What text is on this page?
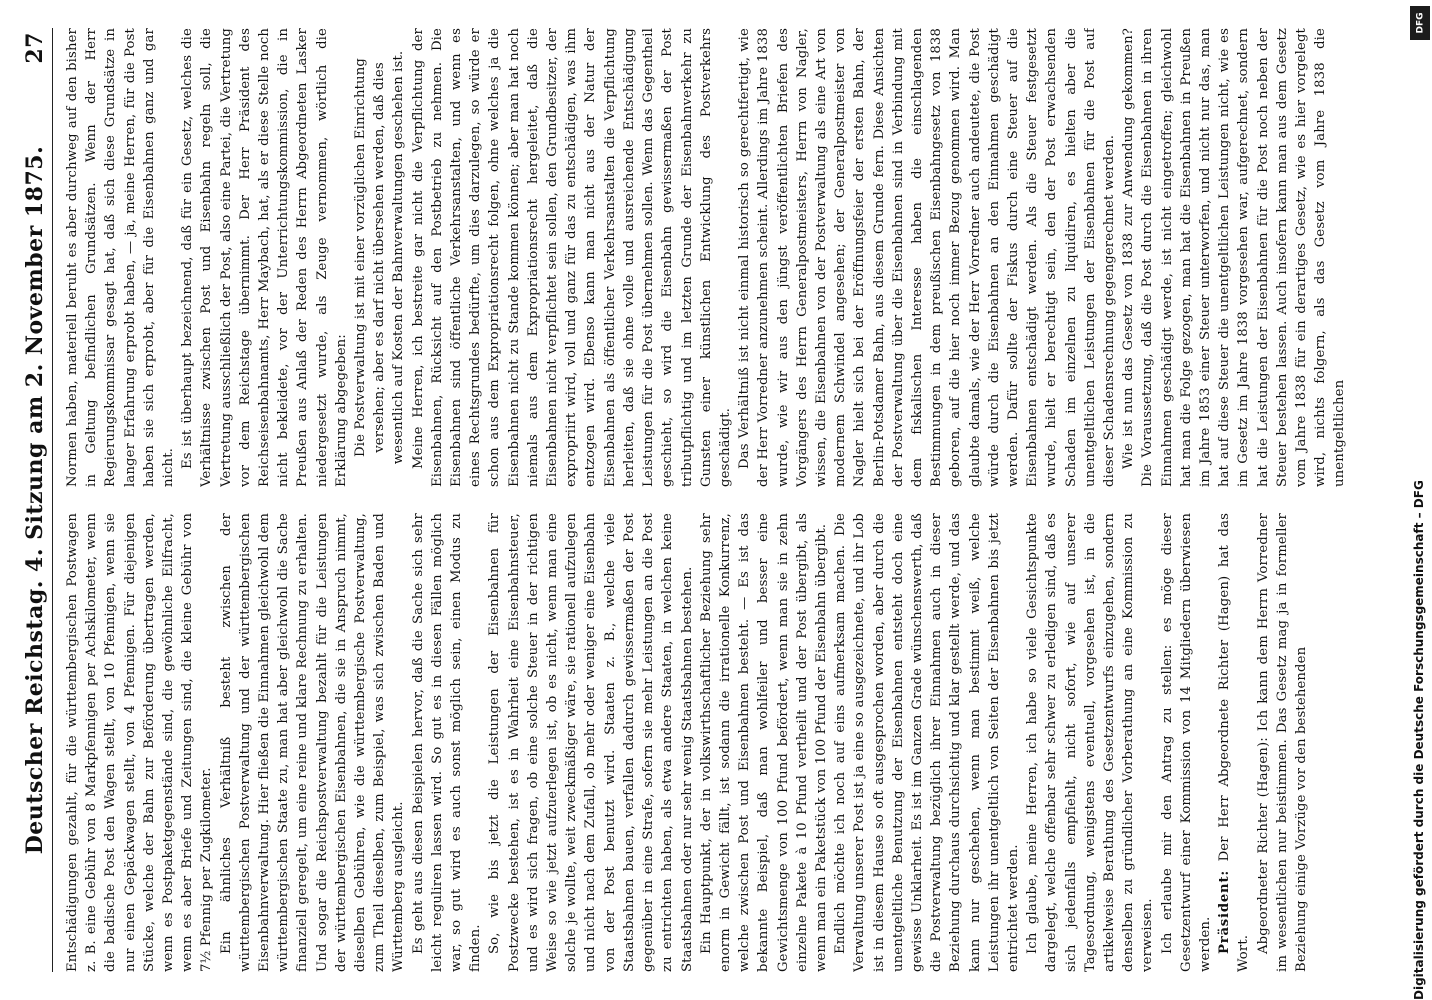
Deutscher Reichstag. 4. Sitzung am 2. November 1875.
27

Entschädigungen gezahlt, für die württembergischen Postwagen z. B. eine Gebühr von 8 Markpfennigen per Achskilometer, wenn die badische Post den Wagen stellt, von 10 Pfennigen, wenn sie nur einen Gepäckwagen stellt, von 4 Pfennigen. Für diejenigen Stücke, welche der Bahn zur Beförderung übertragen werden, wenn es Postpaketgegenstände sind, die gewöhnliche Eilfracht, wenn es aber Briefe und Zeitungen sind, die kleine Gebühr von 7½ Pfennig per Zugkilometer. Ein ähnliches Verhältniß besteht zwischen der württembergischen Postverwaltung und der württembergischen Eisenbahnverwaltung. Hier fließen die Einnahmen gleichwohl dem württembergischen Staate zu, man hat aber gleichwohl die Sache finanziell geregelt, um eine reine und klare Rechnung zu erhalten. Und sogar die Reichspostverwaltung bezahlt für die Leistungen der württembergischen Eisenbahnen, die sie in Anspruch nimmt, dieselben Gebühren, wie die württembergische Postverwaltung, zum Theil dieselben, zum Beispiel, was sich zwischen Baden und Württemberg ausgleicht. Es geht aus diesen Beispielen hervor, daß die Sache sich sehr leicht reguliren lassen wird. So gut es in diesen Fällen möglich war, so gut wird es auch sonst möglich sein, einen Modus zu finden. So, wie bis jetzt die Leistungen der Eisenbahnen für Postzwecke bestehen, ist es in Wahrheit eine Eisenbahnsteuer, und es wird sich fragen, ob eine solche Steuer in der richtigen Weise so wie jetzt aufzuerlegen ist, ob es nicht, wenn man eine solche je wollte, weit zweckmäßiger wäre, sie rationell aufzulegen und nicht nach dem Zufall, ob mehr oder weniger eine Eisenbahn von der Post benutzt wird. Staaten z. B., welche viele Staatsbahnen bauen, verfallen dadurch gewissermaßen der Post gegenüber in eine Strafe, sofern sie mehr Leistungen an die Post zu entrichten haben, als etwa andere Staaten, in welchen keine Staatsbahnen oder nur sehr wenig Staatsbahnen bestehen. Ein Hauptpunkt, der in volkswirthschaftlicher Beziehung sehr enorm in Gewicht fällt, ist sodann die irrationelle Konkurrenz, welche zwischen Post und Eisenbahnen besteht. — Es ist das bekannte Beispiel, daß man wohlfeiler und besser eine Gewichtsmenge von 100 Pfund befördert, wenn man sie in zehn einzelne Pakete à 10 Pfund vertheilt und der Post übergibt, als wenn man ein Paketstück von 100 Pfund der Eisenbahn übergibt. Endlich möchte ich noch auf eins aufmerksam machen. Die Verwaltung unserer Post ist ja eine so ausgezeichnete, und ihr Lob ist in diesem Hause so oft ausgesprochen worden, aber durch die unentgeltliche Benutzung der Eisenbahnen entsteht doch eine gewisse Unklarheit. Es ist im Ganzen Grade wünschenswerth, daß die Postverwaltung bezüglich ihrer Einnahmen auch in dieser Beziehung durchaus durchsichtig und klar gestellt werde, und das kann nur geschehen, wenn man bestimmt weiß, welche Leistungen ihr unentgeltlich von Seiten der Eisenbahnen bis jetzt entrichtet werden. Ich glaube, meine Herren, ich habe so viele Gesichtspunkte dargelegt, welche offenbar sehr schwer zu erledigen sind, daß es sich jedenfalls empfiehlt, nicht sofort, wie auf unserer Tagesordnung, wenigstens eventuell, vorgesehen ist, in die artikelweise Berathung des Gesetzentwurfs einzugehen, sondern denselben zu gründlicher Vorberathung an eine Kommission zu verweisen. Ich erlaube mir den Antrag zu stellen: es möge dieser Gesetzentwurf einer Kommission von 14 Mitgliedern überwiesen werden. Präsident: Der Herr Abgeordnete Richter (Hagen) hat das Wort. Abgeordneter Richter (Hagen): Ich kann dem Herrn Vorredner im wesentlichen nur beistimmen. Das Gesetz mag ja in formeller Beziehung einige Vorzüge vor den bestehenden

Normen haben, materiell beruht es aber durchweg auf den bisher in Geltung befindlichen Grundsätzen. Wenn der Herr Regierungskommissar gesagt hat, daß sich diese Grundsätze in langer Erfahrung erprobt haben, — ja, meine Herren, für die Post haben sie sich erprobt, aber für die Eisenbahnen ganz und gar nicht. Es ist überhaupt bezeichnend, daß für ein Gesetz, welches die Verhältnisse zwischen Post und Eisenbahn regeln soll, die Vertretung ausschließlich der Post, also eine Partei, die Vertretung vor dem Reichstage übernimmt. Der Herr Präsident des Reichseisenbahnamts, Herr Maybach, hat, als er diese Stelle noch nicht bekleidete, vor der Unterrichtungskommission, die in Preußen aus Anlaß der Reden des Herrn Abgeordneten Lasker niedergesetzt wurde, als Zeuge vernommen, wörtlich die Erklärung abgegeben: Die Postverwaltung ist mit einer vorzüglichen Einrichtung versehen; aber es darf nicht übersehen werden, daß dies wesentlich auf Kosten der Bahnverwaltungen geschehen ist. Meine Herren, ich bestreite gar nicht die Verpflichtung der Eisenbahnen, Rücksicht auf den Postbetrieb zu nehmen. Die Eisenbahnen sind öffentliche Verkehrsanstalten, und wenn es eines Rechtsgrundes bedürfte, um dies darzulegen, so würde er schon aus dem Expropriationsrecht folgen, ohne welches ja die Eisenbahnen nicht zu Stande kommen können; aber man hat noch niemals aus dem Expropriationsrecht hergeleitet, daß die Eisenbahnen nicht verpflichtet sein sollen, den Grundbesitzer, der expropriirt wird, voll und ganz für das zu entschädigen, was ihm entzogen wird. Ebenso kann man nicht aus der Natur der Eisenbahnen als öffentlicher Verkehrsanstalten die Verpflichtung herleiten, daß sie ohne volle und ausreichende Entschädigung Leistungen für die Post übernehmen sollen. Wenn das Gegentheil geschieht, so wird die Eisenbahn gewissermaßen der Post tributpflichtig und im letzten Grunde der Eisenbahnverkehr zu Gunsten einer künstlichen Entwicklung des Postverkehrs geschädigt. Das Verhältniß ist nicht einmal historisch so gerechtfertigt, wie der Herr Vorredner anzunehmen scheint. Allerdings im Jahre 1838 wurde, wie wir aus den jüngst veröffentlichten Briefen des Vorgängers des Herrn Generalpostmeisters, Herrn von Nagler, wissen, die Eisenbahnen von der Postverwaltung als eine Art von modernem Schwindel angesehen; der Generalpostmeister von Nagler hielt sich bei der Eröffnungsfeier der ersten Bahn, der Berlin-Potsdamer Bahn, aus diesem Grunde fern. Diese Ansichten der Postverwaltung über die Eisenbahnen sind in Verbindung mit dem fiskalischen Interesse haben die einschlagenden Bestimmungen in dem preußischen Eisenbahngesetz von 1838 geboren, auf die hier noch immer Bezug genommen wird. Man glaubte damals, wie der Herr Vorredner auch andeutete, die Post würde durch die Eisenbahnen an den Einnahmen geschädigt werden. Dafür sollte der Fiskus durch eine Steuer auf die Eisenbahnen entschädigt werden. Als die Steuer festgesetzt wurde, hielt er berechtigt sein, den der Post erwachsenden Schaden im einzelnen zu liquidiren, es hielten aber die unentgeltlichen Leistungen der Eisenbahnen für die Post auf dieser Schadensrechnung gegengerechnet werden. Wie ist nun das Gesetz von 1838 zur Anwendung gekommen? Die Voraussetzung, daß die Post durch die Eisenbahnen in ihren Einnahmen geschädigt werde, ist nicht eingetroffen; gleichwohl hat man die Folge gezogen, man hat die Eisenbahnen in Preußen im Jahre 1853 einer Steuer unterworfen, und nicht nur das, man hat auf diese Steuer die unentgeltlichen Leistungen nicht, wie es im Gesetz im Jahre 1838 vorgesehen war, aufgerechnet, sondern hat die Leistungen der Eisenbahnen für die Post noch neben der Steuer bestehen lassen. Auch insofern kann man aus dem Gesetz vom Jahre 1838 für ein derartiges Gesetz, wie es hier vorgelegt wird, nichts folgern, als das Gesetz vom Jahre 1838 die unentgeltlichen

DFG
Digitalisierung gefördert durch die Deutsche Forschungsgemeinschaft – DFG
